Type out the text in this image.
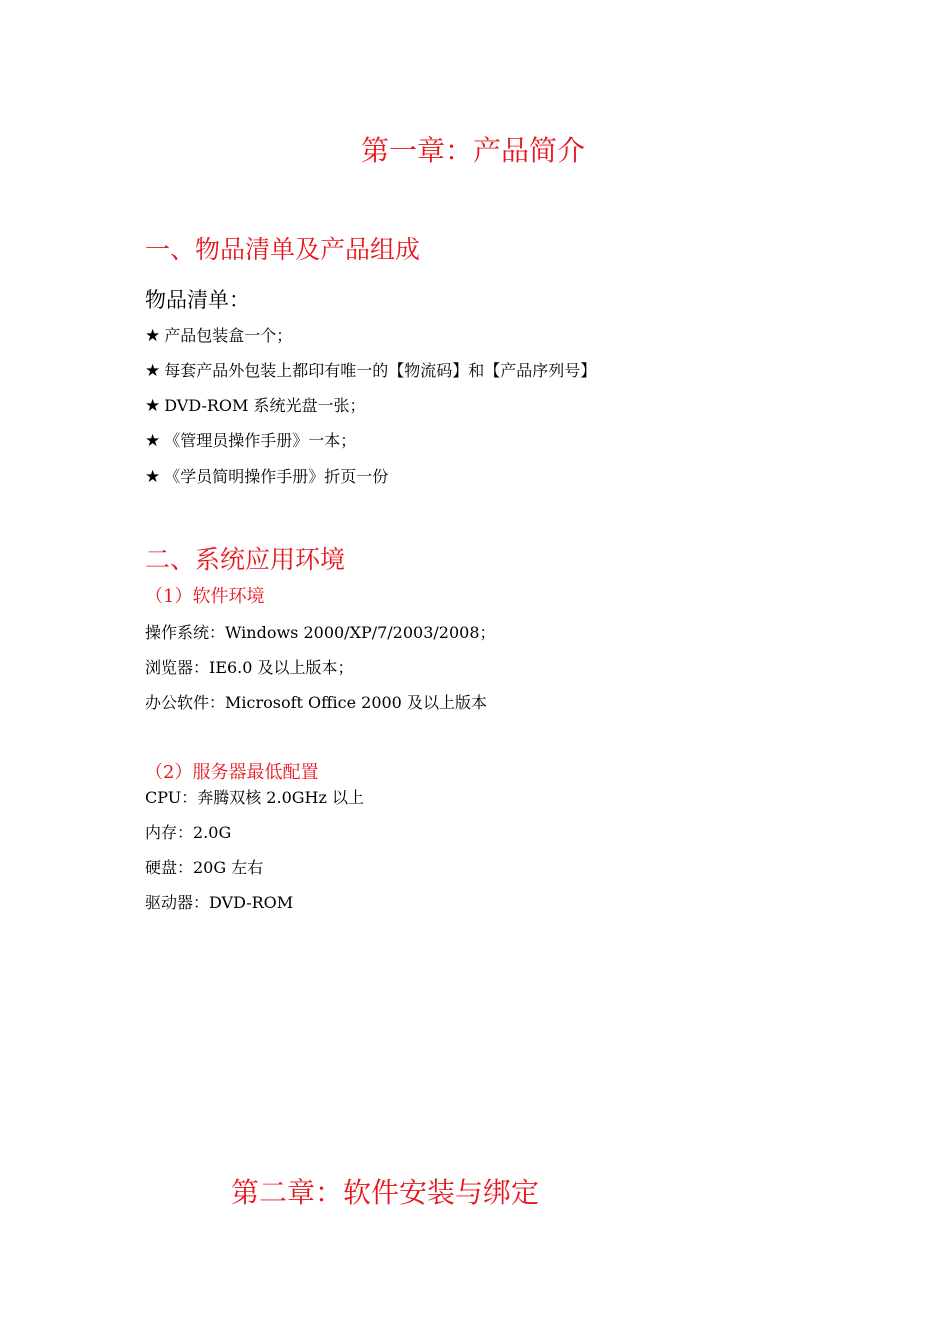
第一章：产品简介
一、物品清单及产品组成
物品清单：
★ 产品包装盒一个；
★ 每套产品外包装上都印有唯一的【物流码】和【产品序列号】
★ DVD-ROM 系统光盘一张；
★ 《管理员操作手册》一本；
★ 《学员简明操作手册》折页一份
二、系统应用环境
（1）软件环境
操作系统：Windows 2000/XP/7/2003/2008；
浏览器：IE6.0 及以上版本；
办公软件：Microsoft Office 2000 及以上版本
（2）服务器最低配置
CPU：奔腾双核 2.0GHz 以上
内存：2.0G
硬盘：20G 左右
驱动器：DVD-ROM
第二章：软件安装与绑定
